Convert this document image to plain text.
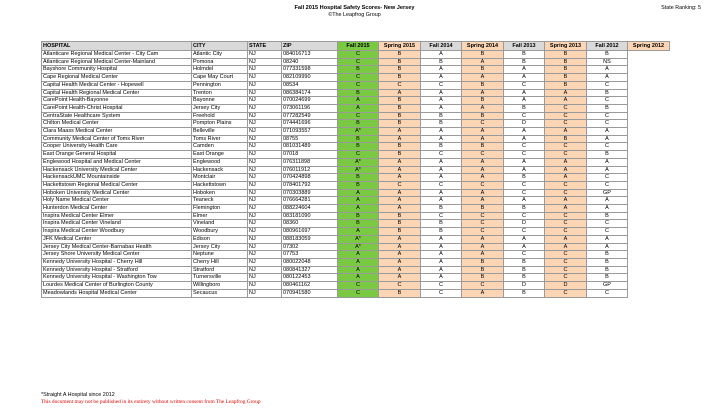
Fall 2015 Hospital Safety Scores- New Jersey
©The Leapfrog Group
State Ranking: 5
HOSPITAL	CITY	STATE	ZIP	Fall 2015	Spring 2015	Fall 2014	Spring 2014	Fall 2013	Spring 2013	Fall 2012	Spring 2012
Atlanticare Regional Medical Center - City Cam	Atlantic City	NJ	084016713	C	B	A	B	B	B	B	
Atlanticare Regional Medical Center-Mainland	Pomona	NJ	08240	C	B	B	A	B	B	NS	
Bayshore Community Hospital	Holmdel	NJ	077331598	B	B	A	B	A	B	A	
Cape Regional Medical Center	Cape May Court	NJ	082109990	C	B	A	A	A	B	A	
Capital Health Medical Center - Hopewell	Pennington	NJ	08534	C	C	C	B	C	B	C	
Capital Health Regional Medical Center	Trenton	NJ	086384174	B	A	A	A	A	A	B	
CarePoint Health-Bayonne	Bayonne	NJ	070024699	A	B	A	B	A	A	C	
CarePoint Health-Christ Hospital	Jersey City	NJ	073061196	A	B	A	A	B	C	B	
CentraState Healthcare System	Freehold	NJ	077282549	C	B	B	B	C	C	C	
Chilton Medical Center	Pompton Plains	NJ	074441696	B	B	B	C	D	C	C	
Clara Maass Medical Center	Belleville	NJ	071093557	A*	A	A	A	A	A	A	
Community Medical Center of Toms River	Toms River	NJ	08755	B	A	A	A	A	B	A	
Cooper University Health Care	Camden	NJ	081031489	B	B	B	B	C	C	C	
East Orange General Hospital	East Orange	NJ	07018	C	B	C	C	C	C	B	
Englewood Hospital and Medical Center	Englewood	NJ	076311898	A*	A	A	A	A	A	A	
Hackensack University Medical Center	Hackensack	NJ	076011912	A*	A	A	A	A	A	A	
HackensackUMC Mountainside	Montclair	NJ	070424898	B	A	A	A	B	A	C	
Hackettstown Regional Medical Center	Hackettstown	NJ	078401792	B	C	C	C	C	C	C	
Hoboken University Medical Center	Hoboken	NJ	070303889	A	A	A	A	C	C	GP	
Holy Name Medical Center	Teaneck	NJ	076664281	A	A	A	A	A	A	A	
Hunterdon Medical Center	Flemington	NJ	088224604	A	A	B	B	B	A	A	
Inspira Medical Center Elmer	Elmer	NJ	083181090	B	B	C	C	C	C	B	
Inspira Medical Center Vineland	Vineland	NJ	08360	B	B	B	C	D	C	C	
Inspira Medical Center Woodbury	Woodbury	NJ	080961697	A	B	B	C	C	C	C	
JFK Medical Center	Edison	NJ	088183059	A*	A	A	A	A	A	A	
Jersey City Medical Center-Barnabas Health	Jersey City	NJ	07302	A*	A	A	A	A	A	A	
Jersey Shore University Medical Center	Neptune	NJ	07753	A	A	A	A	C	C	B	
Kennedy University Hospital - Cherry Hill	Cherry Hill	NJ	080022048	A	A	A	B	B	C	B	
Kennedy University Hospital - Stratford	Stratford	NJ	080841327	A	A	A	B	B	C	B	
Kennedy University Hospital - Washington Tow	Turnersville	NJ	080122453	A	A	A	B	B	C	B	
Lourdes Medical Center of Burlington County	Willingboro	NJ	080461162	C	C	C	C	D	D	GP	
Meadowlands Hospital Medical Center	Secaucus	NJ	070941580	C	B	C	A	B	C	C	
*Straight A Hospital since 2012
This document may not be published in its entirety without written consent from The Leapfrog Group
